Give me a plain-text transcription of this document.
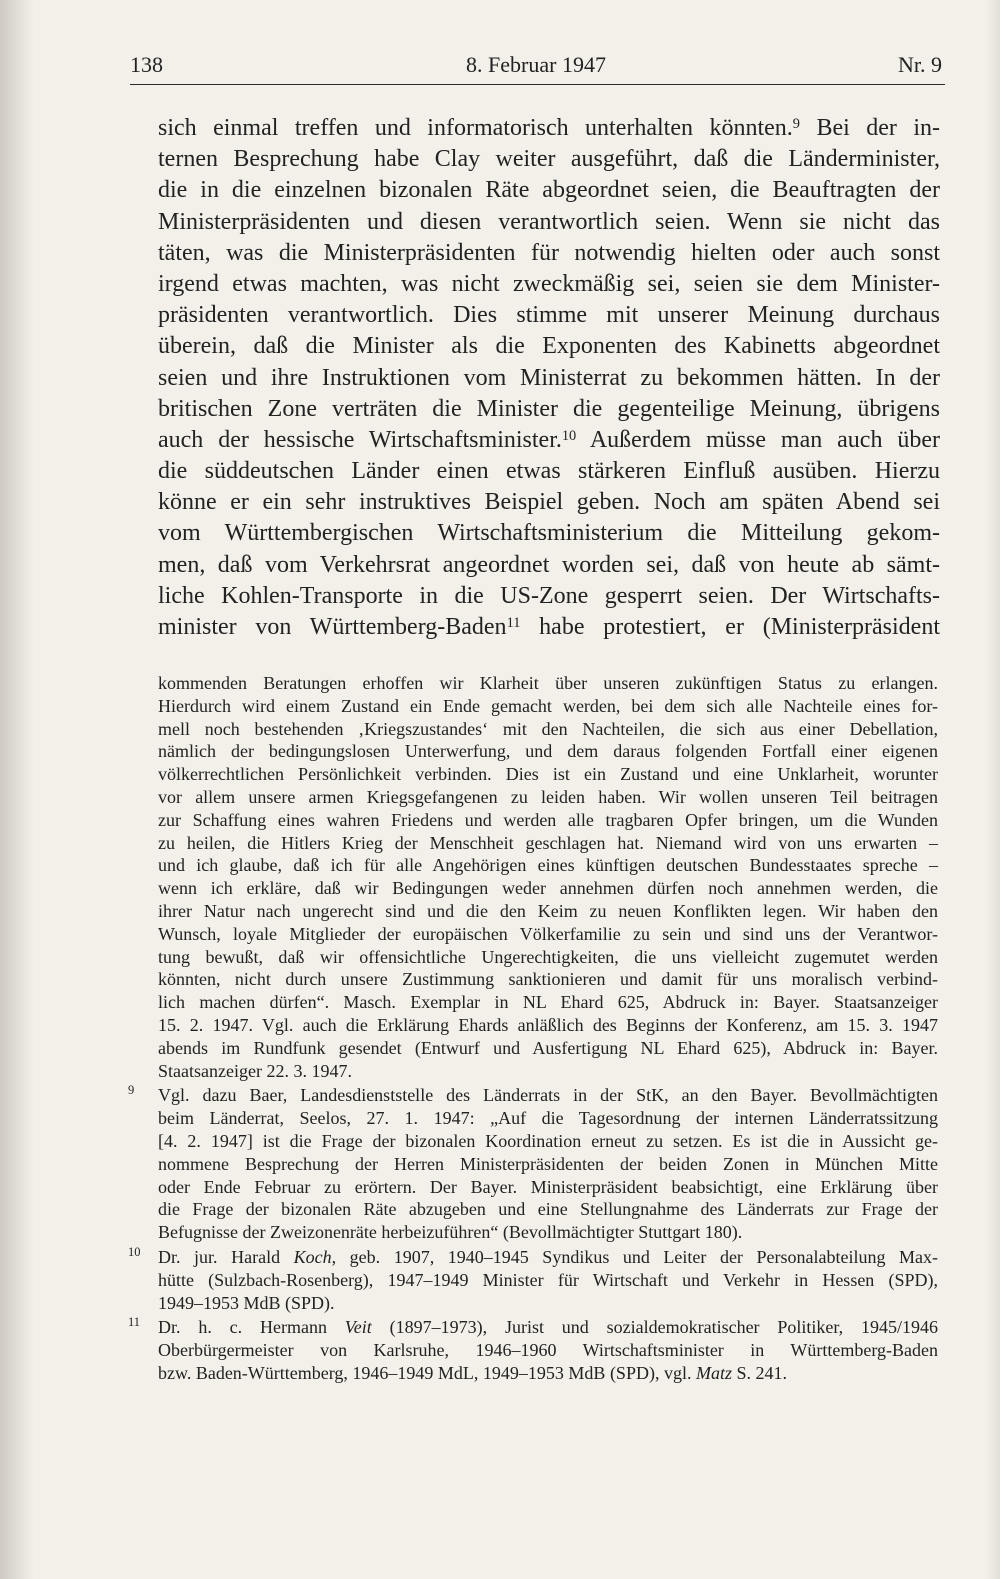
138	8. Februar 1947	Nr. 9
sich einmal treffen und informatorisch unterhalten könnten.$^9$ Bei der in-
ternen Besprechung habe Clay weiter ausgeführt, daß die Länderminister,
die in die einzelnen bizonalen Räte abgeordnet seien, die Beauftragten der
Ministerpräsidenten und diesen verantwortlich seien. Wenn sie nicht das
täten, was die Ministerpräsidenten für notwendig hielten oder auch sonst
irgend etwas machten, was nicht zweckmäßig sei, seien sie dem Minister-
präsidenten verantwortlich. Dies stimme mit unserer Meinung durchaus
überein, daß die Minister als die Exponenten des Kabinetts abgeordnet
seien und ihre Instruktionen vom Ministerrat zu bekommen hätten. In der
britischen Zone verträten die Minister die gegenteilige Meinung, übrigens
auch der hessische Wirtschaftsminister.$^{10}$ Außerdem müsse man auch über
die süddeutschen Länder einen etwas stärkeren Einfluß ausüben. Hierzu
könne er ein sehr instruktives Beispiel geben. Noch am späten Abend sei
vom Württembergischen Wirtschaftsministerium die Mitteilung gekom-
men, daß vom Verkehrsrat angeordnet worden sei, daß von heute ab sämt-
liche Kohlen-Transporte in die US-Zone gesperrt seien. Der Wirtschafts-
minister von Württemberg-Baden$^{11}$ habe protestiert, er (Ministerpräsident
kommenden Beratungen erhoffen wir Klarheit über unseren zukünftigen Status zu erlangen.
Hierdurch wird einem Zustand ein Ende gemacht werden, bei dem sich alle Nachteile eines for-
mell noch bestehenden ‚Kriegszustandes‘ mit den Nachteilen, die sich aus einer Debellation,
nämlich der bedingungslosen Unterwerfung, und dem daraus folgenden Fortfall einer eigenen
völkerrechtlichen Persönlichkeit verbinden. Dies ist ein Zustand und eine Unklarheit, worunter
vor allem unsere armen Kriegsgefangenen zu leiden haben. Wir wollen unseren Teil beitragen
zur Schaffung eines wahren Friedens und werden alle tragbaren Opfer bringen, um die Wunden
zu heilen, die Hitlers Krieg der Menschheit geschlagen hat. Niemand wird von uns erwarten –
und ich glaube, daß ich für alle Angehörigen eines künftigen deutschen Bundesstaates spreche –
wenn ich erkläre, daß wir Bedingungen weder annehmen dürfen noch annehmen werden, die
ihrer Natur nach ungerecht sind und die den Keim zu neuen Konflikten legen. Wir haben den
Wunsch, loyale Mitglieder der europäischen Völkerfamilie zu sein und sind uns der Verantwor-
tung bewußt, daß wir offensichtliche Ungerechtigkeiten, die uns vielleicht zugemutet werden
könnten, nicht durch unsere Zustimmung sanktionieren und damit für uns moralisch verbind-
lich machen dürfen“. Masch. Exemplar in NL Ehard 625, Abdruck in: Bayer. Staatsanzeiger
15. 2. 1947. Vgl. auch die Erklärung Ehards anläßlich des Beginns der Konferenz, am 15. 3. 1947
abends im Rundfunk gesendet (Entwurf und Ausfertigung NL Ehard 625), Abdruck in: Bayer.
Staatsanzeiger 22. 3. 1947.
9 Vgl. dazu Baer, Landesdienststelle des Länderrats in der StK, an den Bayer. Bevollmächtigten
beim Länderrat, Seelos, 27. 1. 1947: „Auf die Tagesordnung der internen Länderratssitzung
[4. 2. 1947] ist die Frage der bizonalen Koordination erneut zu setzen. Es ist die in Aussicht ge-
nommene Besprechung der Herren Ministerpräsidenten der beiden Zonen in München Mitte
oder Ende Februar zu erörtern. Der Bayer. Ministerpräsident beabsichtigt, eine Erklärung über
die Frage der bizonalen Räte abzugeben und eine Stellungnahme des Länderrats zur Frage der
Befugnisse der Zweizonenräte herbeizuführen“ (Bevollmächtigter Stuttgart 180).
10 Dr. jur. Harald Koch, geb. 1907, 1940–1945 Syndikus und Leiter der Personalabteilung Max-
hütte (Sulzbach-Rosenberg), 1947–1949 Minister für Wirtschaft und Verkehr in Hessen (SPD),
1949–1953 MdB (SPD).
11 Dr. h. c. Hermann Veit (1897–1973), Jurist und sozialdemokratischer Politiker, 1945/1946
Oberbürgermeister von Karlsruhe, 1946–1960 Wirtschaftsminister in Württemberg-Baden
bzw. Baden-Württemberg, 1946–1949 MdL, 1949–1953 MdB (SPD), vgl. Matz S. 241.
